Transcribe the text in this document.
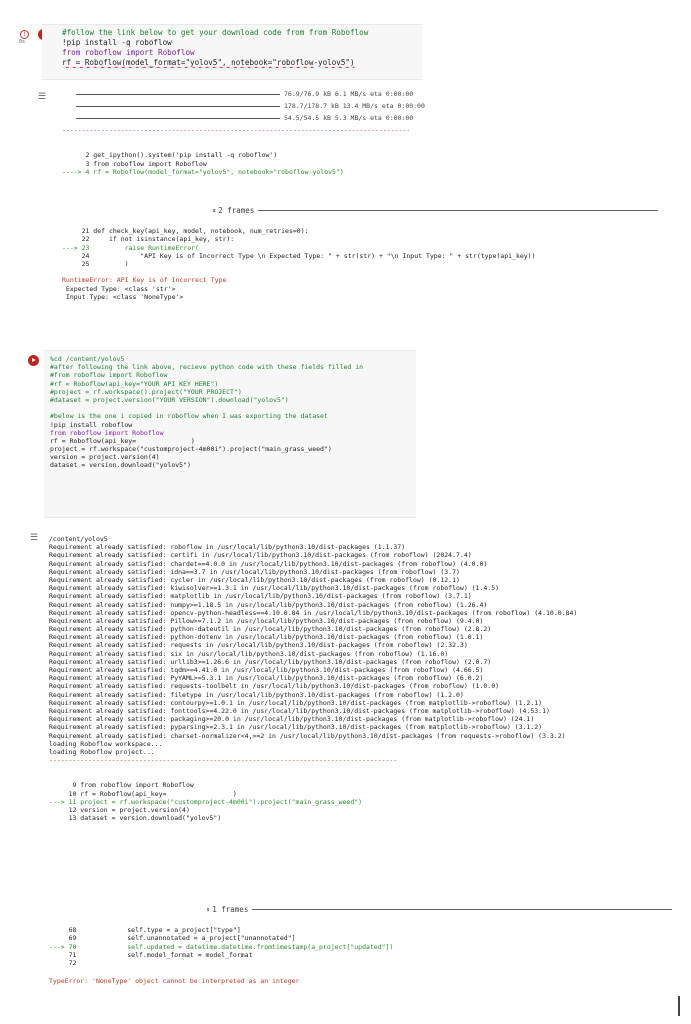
0s
!	#follow the link below to get your download code from from Roboflow
!pip install -q roboflow
from roboflow import Roboflow
rf = Roboflow(model_format="yolov5", notebook="roboflow-yolov5")
☰	76.9/76.9 kB 6.1 MB/s eta 0:00:00
178.7/178.7 kB 13.4 MB/s eta 0:00:00
54.5/54.5 kB 5.3 MB/s eta 0:00:00
-----------------------------------------------------------------------------------------

2 get_ipython().system('pip install -q roboflow')
3 from roboflow import Roboflow
----> 4 rf = Roboflow(model_format="yolov5", notebook="roboflow-yolov5")
⬍ 2 frames

21 def check_key(api_key, model, notebook, num_retries=0):
22     if not isinstance(api_key, str):
---> 23         raise RuntimeError(
24             "API Key is of Incorrect Type \n Expected Type: " + str(str) + "\n Input Type: " + str(type(api_key))
25         )
RuntimeError: API Key is of Incorrect Type
Expected Type: <class 'str'>
Input Type: <class 'NoneType'>
%cd /content/yolov5
#after following the link above, recieve python code with these fields filled in
#from roboflow import Roboflow
#rf = Roboflow(api_key="YOUR API KEY HERE")
#project = rf.workspace().project("YOUR PROJECT")
#dataset = project.version("YOUR VERSION").download("yolov5")
#below is the one i copied in roboflow when I was exporting the dataset
!pip install roboflow
from roboflow import Roboflow
rf = Roboflow(api_key=              )
project = rf.workspace("customproject-4m00i").project("main_grass_weed")
version = project.version(4)
dataset = version.download("yolov5")
☰ /content/yolov5
Requirement already satisfied: roboflow in /usr/local/lib/python3.10/dist-packages (1.1.37)
Requirement already satisfied: certifi in /usr/local/lib/python3.10/dist-packages (from roboflow) (2024.7.4)
Requirement already satisfied: chardet==4.0.0 in /usr/local/lib/python3.10/dist-packages (from roboflow) (4.0.0)
Requirement already satisfied: idna==3.7 in /usr/local/lib/python3.10/dist-packages (from roboflow) (3.7)
Requirement already satisfied: cycler in /usr/local/lib/python3.10/dist-packages (from roboflow) (0.12.1)
Requirement already satisfied: kiwisolver>=1.3.1 in /usr/local/lib/python3.10/dist-packages (from roboflow) (1.4.5)
Requirement already satisfied: matplotlib in /usr/local/lib/python3.10/dist-packages (from roboflow) (3.7.1)
Requirement already satisfied: numpy>=1.18.5 in /usr/local/lib/python3.10/dist-packages (from roboflow) (1.26.4)
Requirement already satisfied: opencv-python-headless==4.10.0.84 in /usr/local/lib/python3.10/dist-packages (from roboflow) (4.10.0.84)
Requirement already satisfied: Pillow>=7.1.2 in /usr/local/lib/python3.10/dist-packages (from roboflow) (9.4.0)
Requirement already satisfied: python-dateutil in /usr/local/lib/python3.10/dist-packages (from roboflow) (2.8.2)
Requirement already satisfied: python-dotenv in /usr/local/lib/python3.10/dist-packages (from roboflow) (1.0.1)
Requirement already satisfied: requests in /usr/local/lib/python3.10/dist-packages (from roboflow) (2.32.3)
Requirement already satisfied: six in /usr/local/lib/python3.10/dist-packages (from roboflow) (1.16.0)
Requirement already satisfied: urllib3>=1.26.6 in /usr/local/lib/python3.10/dist-packages (from roboflow) (2.0.7)
Requirement already satisfied: tqdm>=4.41.0 in /usr/local/lib/python3.10/dist-packages (from roboflow) (4.66.5)
Requirement already satisfied: PyYAML>=5.3.1 in /usr/local/lib/python3.10/dist-packages (from roboflow) (6.0.2)
Requirement already satisfied: requests-toolbelt in /usr/local/lib/python3.10/dist-packages (from roboflow) (1.0.0)
Requirement already satisfied: filetype in /usr/local/lib/python3.10/dist-packages (from roboflow) (1.2.0)
Requirement already satisfied: contourpy>=1.0.1 in /usr/local/lib/python3.10/dist-packages (from matplotlib->roboflow) (1.2.1)
Requirement already satisfied: fonttools>=4.22.0 in /usr/local/lib/python3.10/dist-packages (from matplotlib->roboflow) (4.53.1)
Requirement already satisfied: packaging>=20.0 in /usr/local/lib/python3.10/dist-packages (from matplotlib->roboflow) (24.1)
Requirement already satisfied: pyparsing>=2.3.1 in /usr/local/lib/python3.10/dist-packages (from matplotlib->roboflow) (3.1.2)
Requirement already satisfied: charset-normalizer<4,>=2 in /usr/local/lib/python3.10/dist-packages (from requests->roboflow) (3.3.2)
loading Roboflow workspace...
loading Roboflow project...
-----------------------------------------------------------------------------------------

9 from roboflow import Roboflow
10 rf = Roboflow(api_key=                 )
---> 11 project = rf.workspace("customproject-4m00i").project("main_grass_weed")
12 version = project.version(4)
13 dataset = version.download("yolov5")
⬍ 1 frames

68             self.type = a_project["type"]
69             self.unannotated = a_project["unannotated"]
---> 70             self.updated = datetime.datetime.fromtimestamp(a_project["updated"])
71             self.model_format = model_format
72
TypeError: 'NoneType' object cannot be interpreted as an integer
